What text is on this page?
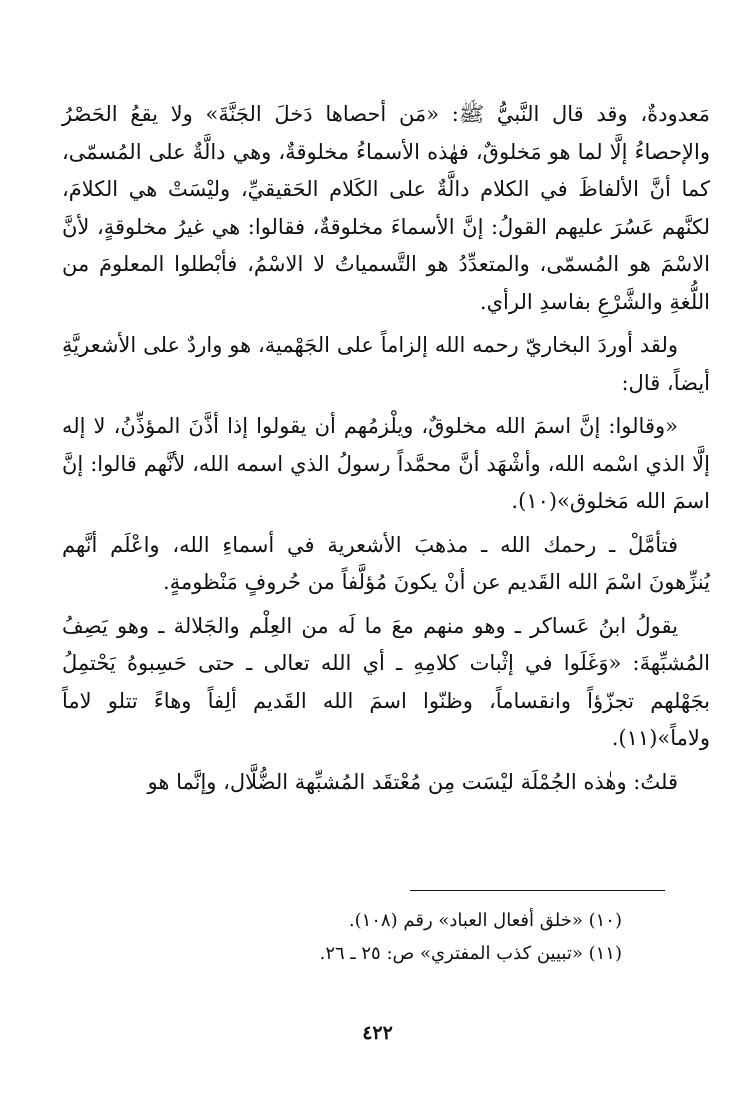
مَعدودةٌ، وقد قال النَّبيُّ ﷺ: «مَن أحصاها دَخلَ الجَنَّةَ» ولا يقعُ الحَصْرُ والإحصاءُ إلَّا لما هو مَخلوقٌ، فهٰذه الأسماءُ مخلوقةٌ، وهي دالَّةٌ على المُسمّى، كما أنَّ الألفاظَ في الكلام دالَّةٌ على الكَلام الحَقيقيِّ، وليْسَتْ هي الكلامَ، لكنَّهم عَسُرَ عليهم القولُ: إنَّ الأسماءَ مخلوقةٌ، فقالوا: هي غيرُ مخلوقةٍ، لأنَّ الاسْمَ هو المُسمّى، والمتعدِّدُ هو التَّسمياتُ لا الاسْمُ، فأبْطلوا المعلومَ من اللُّغةِ والشَّرْعِ بفاسدِ الرأي.

ولقد أوردَ البخاريّ رحمه الله إلزاماً على الجَهْمية، هو واردٌ على الأشعريَّةِ أيضاً، قال:

«وقالوا: إنَّ اسمَ الله مخلوقٌ، ويلْزمُهم أن يقولوا إذا أذَّنَ المؤذِّنُ، لا إله إلَّا الذي اسْمه الله، وأشْهَد أنَّ محمَّداً رسولُ الذي اسمه الله، لأنَّهم قالوا: إنَّ اسمَ الله مَخلوق»(١٠).

فتأمَّلْ ـ رحمك الله ـ مذهبَ الأشعرية في أسماءِ الله، واعْلَم أنَّهم يُنزِّهونَ اسْمَ الله القَديم عن أنْ يكونَ مُؤلَّفاً من حُروفٍ مَنْظومةٍ.

يقولُ ابنُ عَساكر ـ وهو منهم معَ ما لَه من العِلْم والجَلالة ـ وهو يَصِفُ المُشبِّهةَ: «وَغَلَوا في إثْبات كلامِهِ ـ أي الله تعالى ـ حتى حَسِبوهُ يَحْتمِلُ بجَهْلهم تجزّؤاً وانقساماً، وظنّوا اسمَ الله القَديم ألِفاً وهاءً تتلو لاماً ولاماً»(١١).

قلتُ: وهٰذه الجُمْلَة ليْسَت مِن مُعْتقَد المُشبِّهة الضُّلَّال، وإنَّما هو

(١٠) «خلق أفعال العباد» رقم (١٠٨).

(١١) «تبيين كذب المفتري» ص: ٢٥ ـ ٢٦.

٤٢٢
